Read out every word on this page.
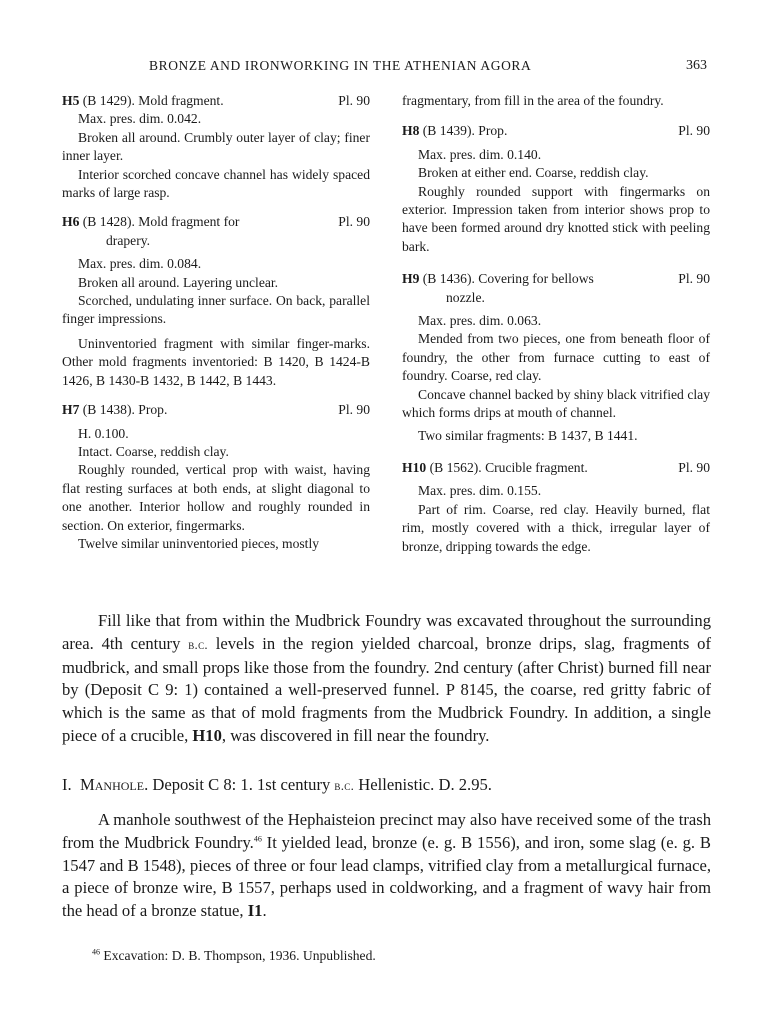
BRONZE AND IRONWORKING IN THE ATHENIAN AGORA	363
H5 (B 1429). Mold fragment.	Pl. 90

Max. pres. dim. 0.042.

Broken all around. Crumbly outer layer of clay; finer inner layer.

Interior scorched concave channel has widely spaced marks of large rasp.

H6 (B 1428). Mold fragment for	Pl. 90
drapery.

Max. pres. dim. 0.084.

Broken all around. Layering unclear.

Scorched, undulating inner surface. On back, parallel finger impressions.

Uninventoried fragment with similar finger-marks. Other mold fragments inventoried: B 1420, B 1424-B 1426, B 1430-B 1432, B 1442, B 1443.

H7 (B 1438). Prop.	Pl. 90

H. 0.100.

Intact. Coarse, reddish clay.

Roughly rounded, vertical prop with waist, having flat resting surfaces at both ends, at slight diagonal to one another. Interior hollow and roughly rounded in section. On exterior, fingermarks.

Twelve similar uninventoried pieces, mostly

fragmentary, from fill in the area of the foundry.

H8 (B 1439). Prop.	Pl. 90

Max. pres. dim. 0.140.

Broken at either end. Coarse, reddish clay.

Roughly rounded support with fingermarks on exterior. Impression taken from interior shows prop to have been formed around dry knotted stick with peeling bark.

H9 (B 1436). Covering for bellows	Pl. 90
nozzle.

Max. pres. dim. 0.063.

Mended from two pieces, one from beneath floor of foundry, the other from furnace cutting to east of foundry. Coarse, red clay.

Concave channel backed by shiny black vitrified clay which forms drips at mouth of channel.

Two similar fragments: B 1437, B 1441.

H10 (B 1562). Crucible fragment.	Pl. 90

Max. pres. dim. 0.155.

Part of rim. Coarse, red clay. Heavily burned, flat rim, mostly covered with a thick, irregular layer of bronze, dripping towards the edge.

Fill like that from within the Mudbrick Foundry was excavated throughout the surrounding area. 4th century b.c. levels in the region yielded charcoal, bronze drips, slag, fragments of mudbrick, and small props like those from the foundry. 2nd century (after Christ) burned fill near by (Deposit C 9: 1) contained a well-preserved funnel. P 8145, the coarse, red gritty fabric of which is the same as that of mold fragments from the Mudbrick Foundry. In addition, a single piece of a crucible, H10, was discovered in fill near the foundry.

I. Manhole. Deposit C 8: 1. 1st century b.c. Hellenistic. D. 2.95.

A manhole southwest of the Hephaisteion precinct may also have received some of the trash from the Mudbrick Foundry.$^{46}$ It yielded lead, bronze (e. g. B 1556), and iron, some slag (e. g. B 1547 and B 1548), pieces of three or four lead clamps, vitrified clay from a metallurgical furnace, a piece of bronze wire, B 1557, perhaps used in coldworking, and a fragment of wavy hair from the head of a bronze statue, I1.

$^{46}$ Excavation: D. B. Thompson, 1936. Unpublished.
